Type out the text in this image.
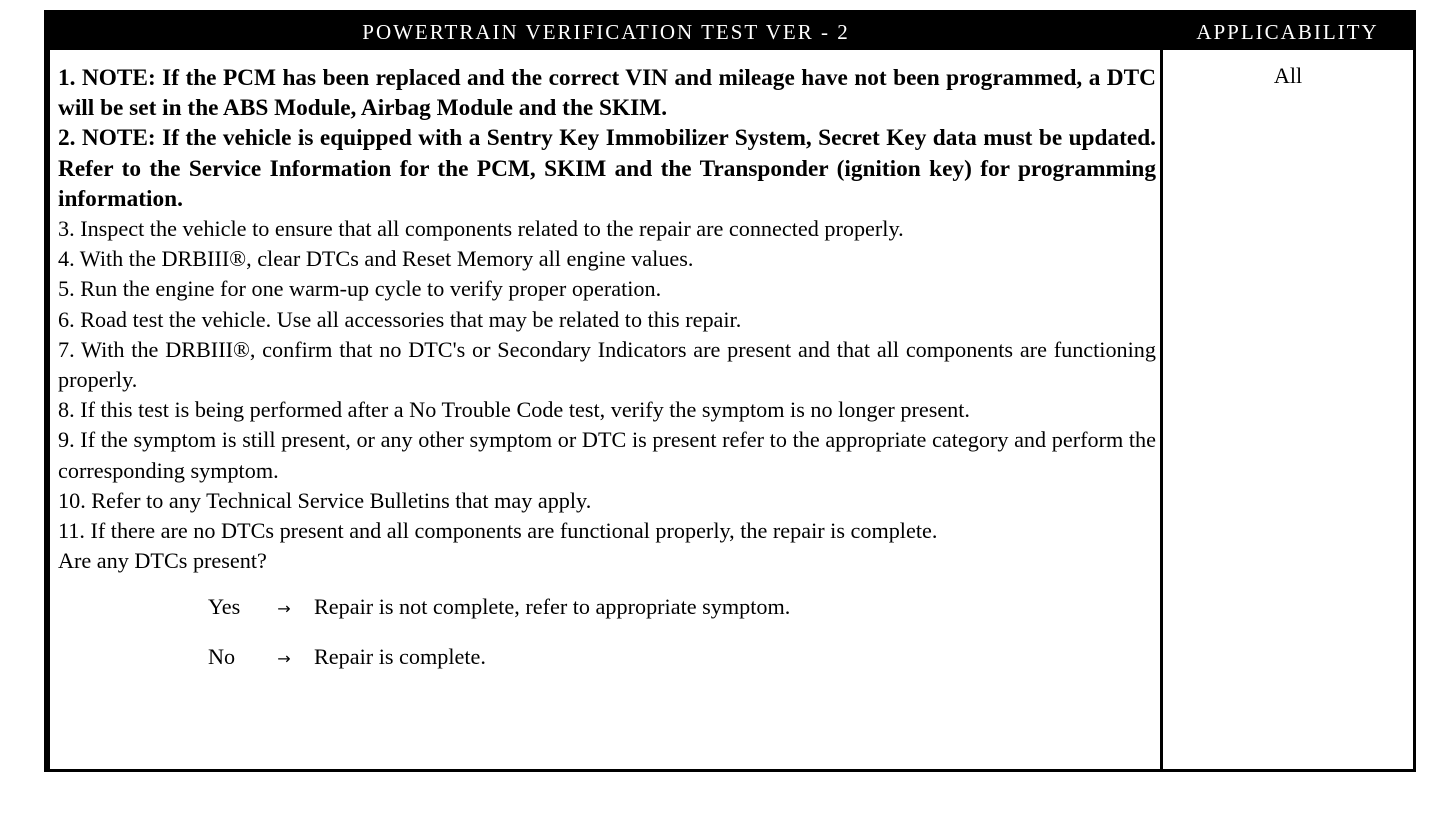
POWERTRAIN VERIFICATION TEST VER - 2	APPLICABILITY

1. NOTE: If the PCM has been replaced and the correct VIN and mileage have not been programmed, a DTC will be set in the ABS Module, Airbag Module and the SKIM.

2. NOTE: If the vehicle is equipped with a Sentry Key Immobilizer System, Secret Key data must be updated. Refer to the Service Information for the PCM, SKIM and the Transponder (ignition key) for programming information.

3. Inspect the vehicle to ensure that all components related to the repair are connected properly.

4. With the DRBIII®, clear DTCs and Reset Memory all engine values.

5. Run the engine for one warm-up cycle to verify proper operation.

6. Road test the vehicle. Use all accessories that may be related to this repair.

7. With the DRBIII®, confirm that no DTC's or Secondary Indicators are present and that all components are functioning properly.

8. If this test is being performed after a No Trouble Code test, verify the symptom is no longer present.

9. If the symptom is still present, or any other symptom or DTC is present refer to the appropriate category and perform the corresponding symptom.

10. Refer to any Technical Service Bulletins that may apply.

11. If there are no DTCs present and all components are functional properly, the repair is complete.

Are any DTCs present?

Yes	→	Repair is not complete, refer to appropriate symptom.
No	→	Repair is complete.
All
